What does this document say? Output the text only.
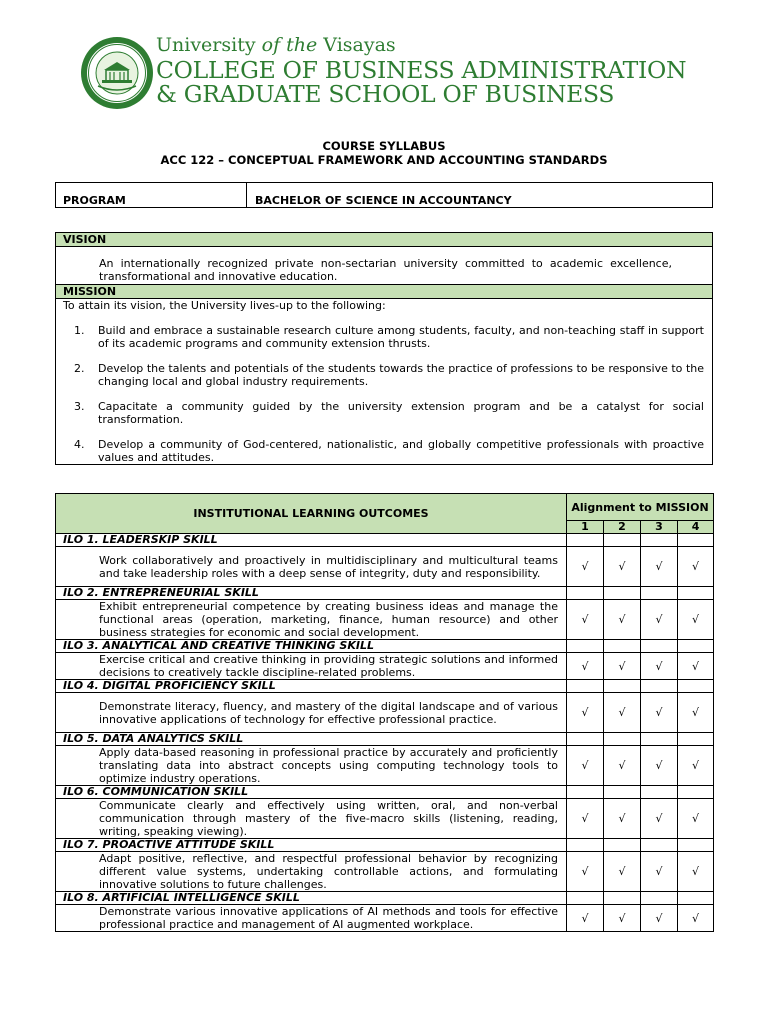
University of the Visayas
COLLEGE OF BUSINESS ADMINISTRATION
& GRADUATE SCHOOL OF BUSINESS
COURSE SYLLABUS
ACC 122 – CONCEPTUAL FRAMEWORK AND ACCOUNTING STANDARDS
PROGRAM	BACHELOR OF SCIENCE IN ACCOUNTANCY
VISION
An internationally recognized private non-sectarian university committed to academic excellence, transformational and innovative education.
MISSION
To attain its vision, the University lives-up to the following:
1. Build and embrace a sustainable research culture among students, faculty, and non-teaching staff in support of its academic programs and community extension thrusts.
2. Develop the talents and potentials of the students towards the practice of professions to be responsive to the changing local and global industry requirements.
3. Capacitate a community guided by the university extension program and be a catalyst for social transformation.
4. Develop a community of God-centered, nationalistic, and globally competitive professionals with proactive values and attitudes.
INSTITUTIONAL LEARNING OUTCOMES	Alignment to MISSION			
	1	2	3	4
ILO 1. LEADERSKIP SKILL				
Work collaboratively and proactively in multidisciplinary and multicultural teams and take leadership roles with a deep sense of integrity, duty and responsibility.	√	√	√	√
ILO 2. ENTREPRENEURIAL SKILL				
Exhibit entrepreneurial competence by creating business ideas and manage the functional areas (operation, marketing, finance, human resource) and other business strategies for economic and social development.	√	√	√	√
ILO 3. ANALYTICAL AND CREATIVE THINKING SKILL				
Exercise critical and creative thinking in providing strategic solutions and informed decisions to creatively tackle discipline-related problems.	√	√	√	√
ILO 4. DIGITAL PROFICIENCY SKILL				
Demonstrate literacy, fluency, and mastery of the digital landscape and of various innovative applications of technology for effective professional practice.	√	√	√	√
ILO 5. DATA ANALYTICS SKILL				
Apply data-based reasoning in professional practice by accurately and proficiently translating data into abstract concepts using computing technology tools to optimize industry operations.	√	√	√	√
ILO 6. COMMUNICATION SKILL				
Communicate clearly and effectively using written, oral, and non-verbal communication through mastery of the five-macro skills (listening, reading, writing, speaking viewing).	√	√	√	√
ILO 7. PROACTIVE ATTITUDE SKILL				
Adapt positive, reflective, and respectful professional behavior by recognizing different value systems, undertaking controllable actions, and formulating innovative solutions to future challenges.	√	√	√	√
ILO 8. ARTIFICIAL INTELLIGENCE SKILL				
Demonstrate various innovative applications of AI methods and tools for effective professional practice and management of AI augmented workplace.	√	√	√	√
